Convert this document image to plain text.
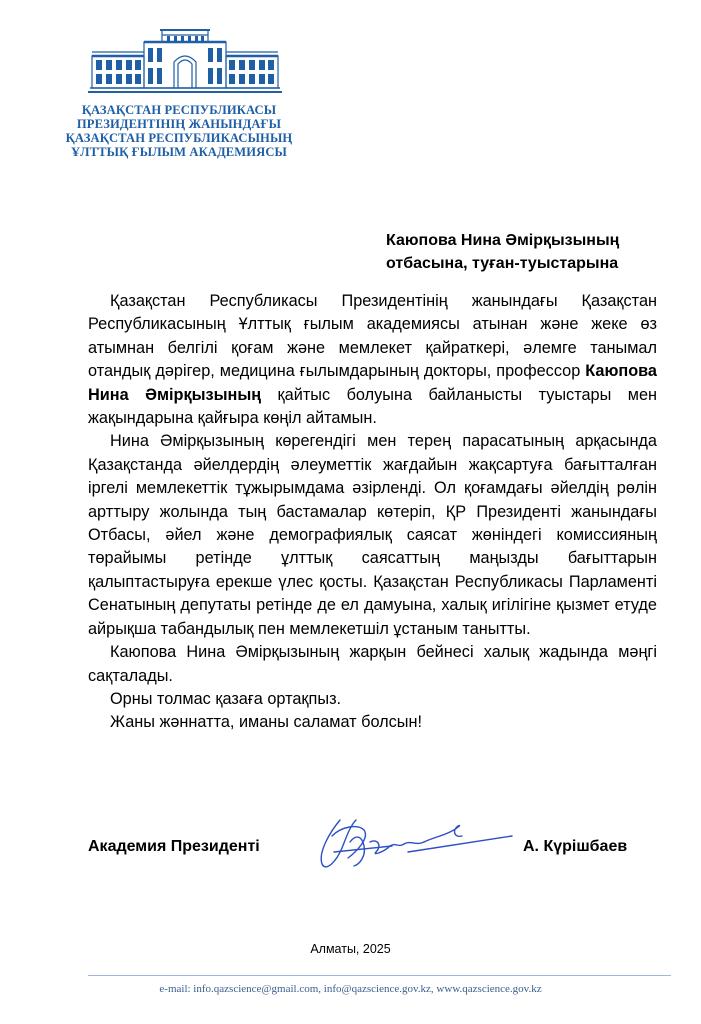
ҚАЗАҚСТАН РЕСПУБЛИКАСЫ
ПРЕЗИДЕНТІНІҢ ЖАНЫНДАҒЫ
ҚАЗАҚСТАН РЕСПУБЛИКАСЫНЫҢ
ҰЛТТЫҚ ҒЫЛЫМ АКАДЕМИЯСЫ
Каюпова Нина Әмірқызының
отбасына, туған-туыстарына

Қазақстан Республикасы Президентінің жанындағы Қазақстан Республикасының Ұлттық ғылым академиясы атынан және жеке өз атымнан белгілі қоғам және мемлекет қайраткері, әлемге танымал отандық дәрігер, медицина ғылымдарының докторы, профессор Каюпова Нина Әмірқызының қайтыс болуына байланысты туыстары мен жақындарына қайғыра көңіл айтамын.

Нина Әмірқызының көрегендігі мен терең парасатының арқасында Қазақстанда әйелдердің әлеуметтік жағдайын жақсартуға бағытталған іргелі мемлекеттік тұжырымдама әзірленді. Ол қоғамдағы әйелдің рөлін арттыру жолында тың бастамалар көтеріп, ҚР Президенті жанындағы Отбасы, әйел және демографиялық саясат жөніндегі комиссияның төрайымы ретінде ұлттық саясаттың маңызды бағыттарын қалыптастыруға ерекше үлес қосты. Қазақстан Республикасы Парламенті Сенатының депутаты ретінде де ел дамуына, халық игілігіне қызмет етуде айрықша табандылық пен мемлекетшіл ұстаным танытты.

Каюпова Нина Әмірқызының жарқын бейнесі халық жадында мәңгі сақталады.

Орны толмас қазаға ортақпыз.

Жаны жәннатта, иманы саламат болсын!

Академия Президенті	А. Күрішбаев
Алматы, 2025
e-mail: info.qazscience@gmail.com, info@qazscience.gov.kz, www.qazscience.gov.kz
